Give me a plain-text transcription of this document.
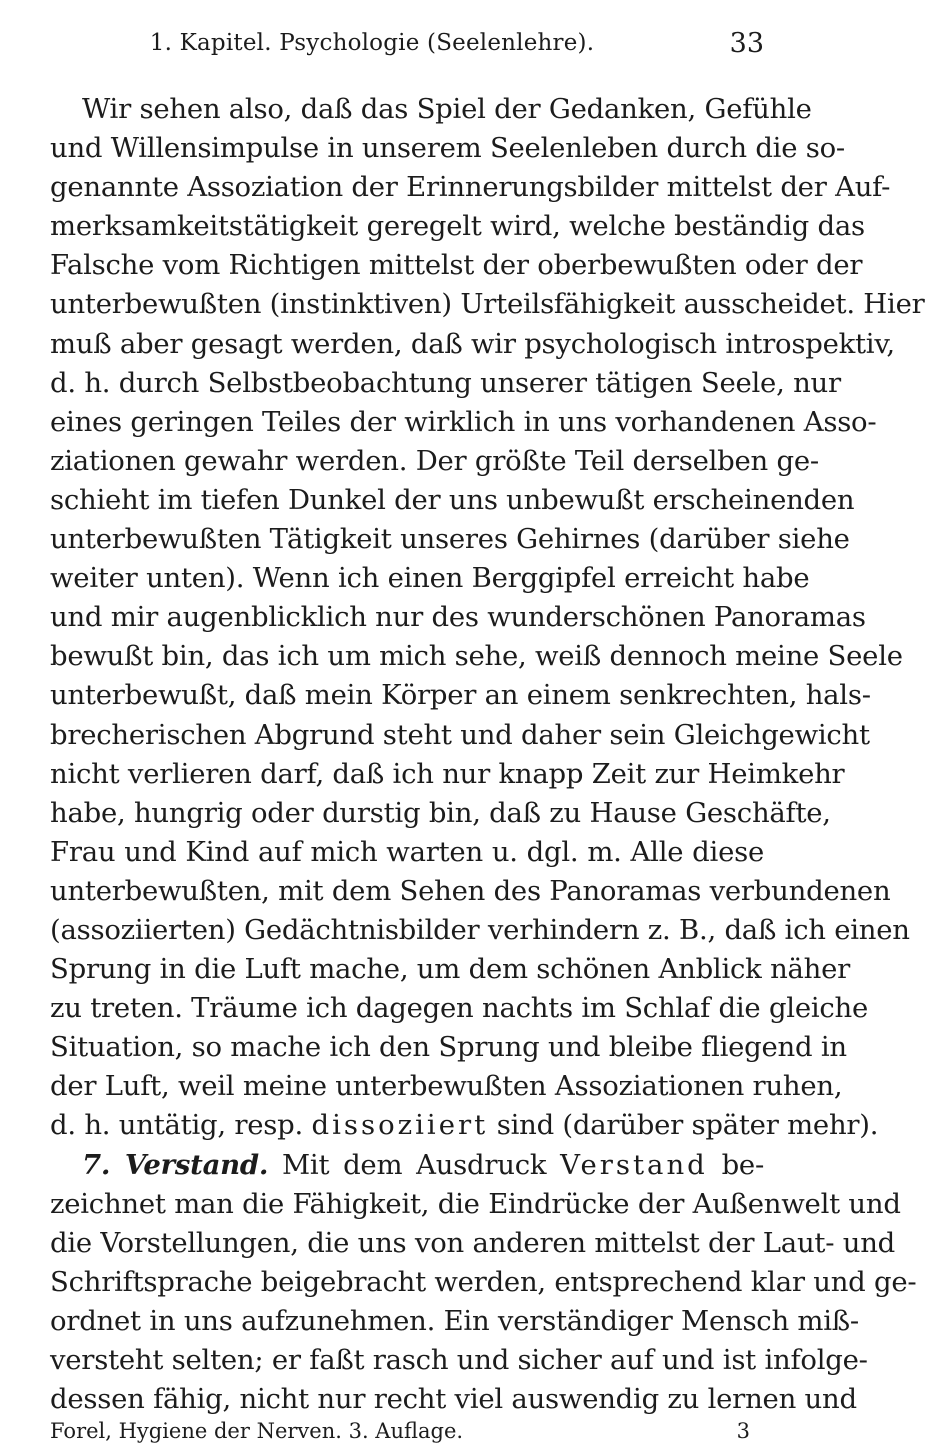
1. Kapitel. Psychologie (Seelenlehre).	33
Wir sehen also, daß das Spiel der Gedanken, Gefühle
und Willensimpulse in unserem Seelenleben durch die so-
genannte Assoziation der Erinnerungsbilder mittelst der Auf-
merksamkeitstätigkeit geregelt wird, welche beständig das
Falsche vom Richtigen mittelst der oberbewußten oder der
unterbewußten (instinktiven) Urteilsfähigkeit ausscheidet. Hier
muß aber gesagt werden, daß wir psychologisch introspektiv,
d. h. durch Selbstbeobachtung unserer tätigen Seele, nur
eines geringen Teiles der wirklich in uns vorhandenen Asso-
ziationen gewahr werden. Der größte Teil derselben ge-
schieht im tiefen Dunkel der uns unbewußt erscheinenden
unterbewußten Tätigkeit unseres Gehirnes (darüber siehe
weiter unten). Wenn ich einen Berggipfel erreicht habe
und mir augenblicklich nur des wunderschönen Panoramas
bewußt bin, das ich um mich sehe, weiß dennoch meine Seele
unterbewußt, daß mein Körper an einem senkrechten, hals-
brecherischen Abgrund steht und daher sein Gleichgewicht
nicht verlieren darf, daß ich nur knapp Zeit zur Heimkehr
habe, hungrig oder durstig bin, daß zu Hause Geschäfte,
Frau und Kind auf mich warten u. dgl. m. Alle diese
unterbewußten, mit dem Sehen des Panoramas verbundenen
(assoziierten) Gedächtnisbilder verhindern z. B., daß ich einen
Sprung in die Luft mache, um dem schönen Anblick näher
zu treten. Träume ich dagegen nachts im Schlaf die gleiche
Situation, so mache ich den Sprung und bleibe fliegend in
der Luft, weil meine unterbewußten Assoziationen ruhen,
d. h. untätig, resp. dissoziiert sind (darüber später mehr).
7. Verstand. Mit dem Ausdruck Verstand be-
zeichnet man die Fähigkeit, die Eindrücke der Außenwelt und
die Vorstellungen, die uns von anderen mittelst der Laut- und
Schriftsprache beigebracht werden, entsprechend klar und ge-
ordnet in uns aufzunehmen. Ein verständiger Mensch miß-
versteht selten; er faßt rasch und sicher auf und ist infolge-
dessen fähig, nicht nur recht viel auswendig zu lernen und
Forel, Hygiene der Nerven. 3. Auflage.	3
